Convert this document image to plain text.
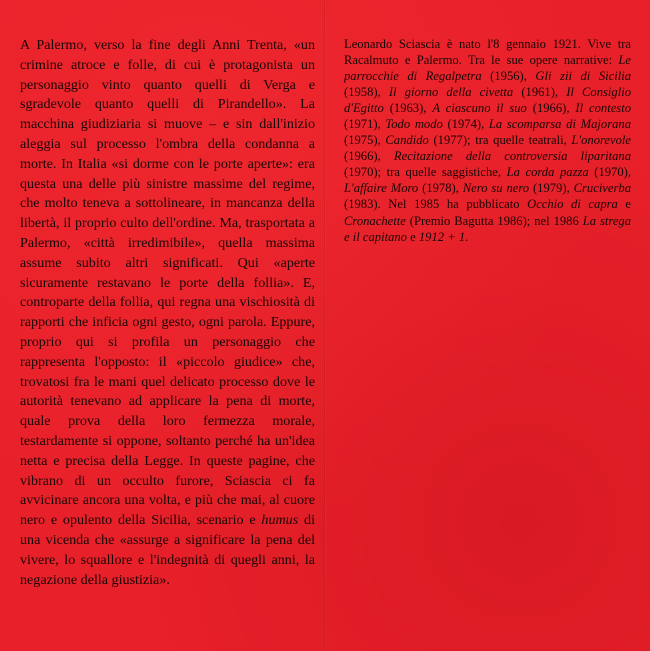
A Palermo, verso la fine degli Anni Trenta, «un crimine atroce e folle, di cui è protagonista un personaggio vinto quanto quelli di Verga e sgradevole quanto quelli di Pirandello». La macchina giudiziaria si muove – e sin dall'inizio aleggia sul processo l'ombra della condanna a morte. In Italia «si dorme con le porte aperte»: era questa una delle più sinistre massime del regime, che molto teneva a sottolineare, in mancanza della libertà, il proprio culto dell'ordine. Ma, trasportata a Palermo, «città irredimibile», quella massima assume subito altri significati. Qui «aperte sicuramente restavano le porte della follia». E, controparte della follia, qui regna una vischiosità di rapporti che inficia ogni gesto, ogni parola. Eppure, proprio qui si profila un personaggio che rappresenta l'opposto: il «piccolo giudice» che, trovatosi fra le mani quel delicato processo dove le autorità tenevano ad applicare la pena di morte, quale prova della loro fermezza morale, testardamente si oppone, soltanto perché ha un'idea netta e precisa della Legge. In queste pagine, che vibrano di un occulto furore, Sciascia ci fa avvicinare ancora una volta, e più che mai, al cuore nero e opulento della Sicilia, scenario e humus di una vicenda che «assurge a significare la pena del vivere, lo squallore e l'indegnità di quegli anni, la negazione della giustizia».

Leonardo Sciascia è nato l'8 gennaio 1921. Vive tra Racalmuto e Palermo. Tra le sue opere narrative: Le parrocchie di Regalpetra (1956), Gli zii di Sicilia (1958), Il giorno della civetta (1961), Il Consiglio d'Egitto (1963), A ciascuno il suo (1966), Il contesto (1971), Todo modo (1974), La scomparsa di Majorana (1975), Candido (1977); tra quelle teatrali, L'onorevole (1966), Recitazione della controversia liparitana (1970); tra quelle saggistiche, La corda pazza (1970), L'affaire Moro (1978), Nero su nero (1979), Cruciverba (1983). Nel 1985 ha pubblicato Occhio di capra e Cronachette (Premio Bagutta 1986); nel 1986 La strega e il capitano e 1912 + 1.
